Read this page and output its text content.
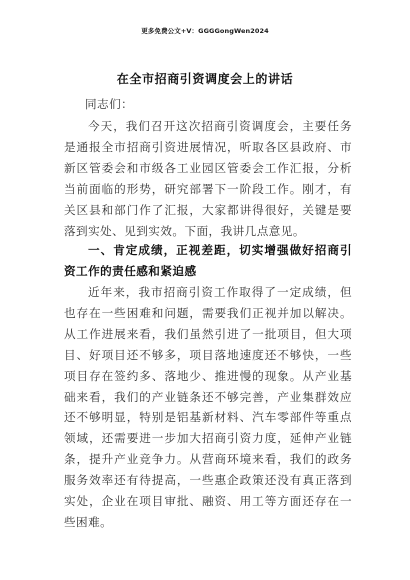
更多免费公文+V：GGGGongWen2024
在全市招商引资调度会上的讲话
同志们：
今天，我们召开这次招商引资调度会，主要任务是通报全市招商引资进展情况，听取各区县政府、市新区管委会和市级各工业园区管委会工作汇报，分析当前面临的形势，研究部署下一阶段工作。刚才，有关区县和部门作了汇报，大家都讲得很好，关键是要落到实处、见到实效。下面，我讲几点意见。
一、肯定成绩，正视差距，切实增强做好招商引资工作的责任感和紧迫感
近年来，我市招商引资工作取得了一定成绩，但也存在一些困难和问题，需要我们正视并加以解决。从工作进展来看，我们虽然引进了一批项目，但大项目、好项目还不够多，项目落地速度还不够快，一些项目存在签约多、落地少、推进慢的现象。从产业基础来看，我们的产业链条还不够完善，产业集群效应还不够明显，特别是铝基新材料、汽车零部件等重点领域，还需要进一步加大招商引资力度，延伸产业链条，提升产业竞争力。从营商环境来看，我们的政务服务效率还有待提高，一些惠企政策还没有真正落到实处，企业在项目审批、融资、用工等方面还存在一些困难。
